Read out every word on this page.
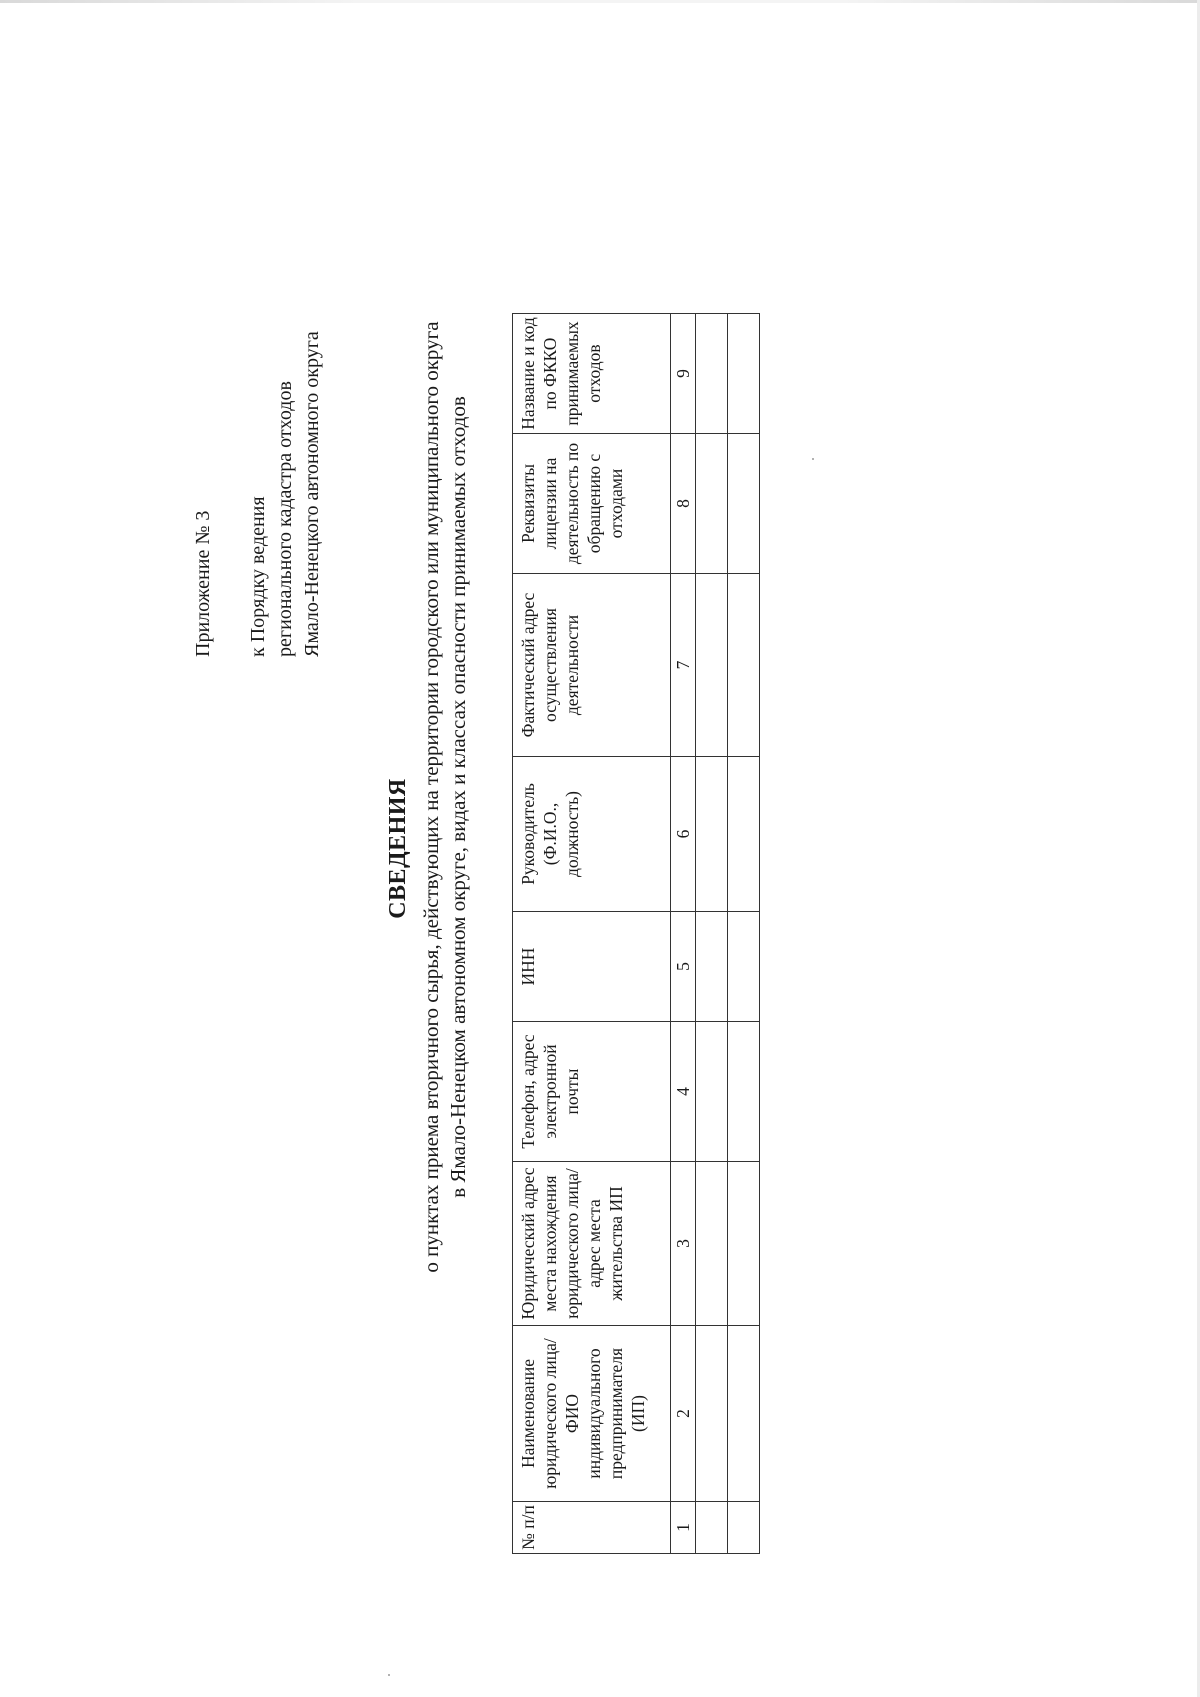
Приложение № 3 к Порядку ведения регионального кадастра отходов Ямало-Ненецкого автономного округа
СВЕДЕНИЯ о пунктах приема вторичного сырья, действующих на территории городского или муниципального округа в Ямало-Ненецком автономном округе, видах и классах опасности принимаемых отходов
№ п/п	Наименование юридического лица/ФИО индивидуального предпринимателя (ИП)	Юридический адрес места нахождения юридического лица/адрес места жительства ИП	Телефон, адрес электронной почты	ИНН	Руководитель (Ф.И.О., должность)	Фактический адрес осуществления деятельности	Реквизиты лицензии на деятельность по обращению с отходами	Название и код по ФККО принимаемых отходов
1	2	3	4	5	6	7	8	9
